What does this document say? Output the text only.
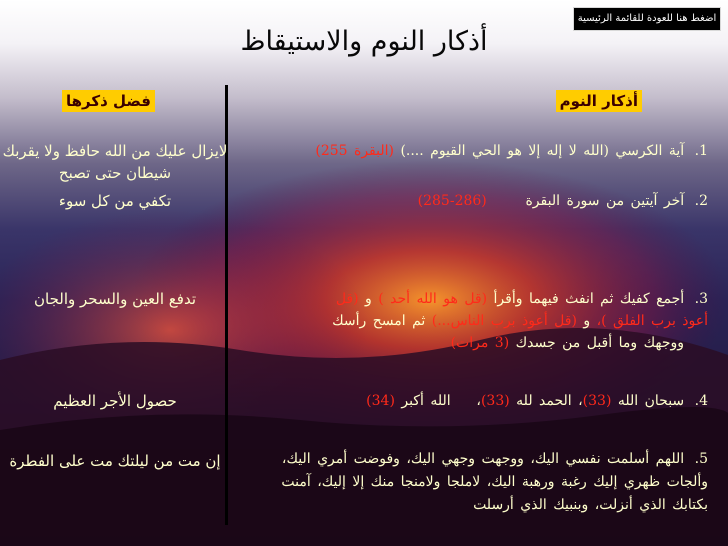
اضغط هنا للعودة للقائمة الرئيسية
أذكار النوم والاستيقاظ
أذكار النوم
فضل ذكرها
1. آية الكرسي (الله لا إله إلا هو الحي القيوم ....) (البقرة 255)
لايزال عليك من الله حافظ ولا يقربك شيطان حتى تصبح
2. آخر آيتين من سورة البقرة      (286-285)
تكفي من كل سوء
3. أجمع كفيك ثم انفث فيهما وأقرأ (قل هو الله أحد ) و (قل
أعوذ برب الفلق )، و (قل أعوذ برب الناس...) ثم امسح رأسك
ووجهك وما أقبل من جسدك (3 مرات)
تدفع العين والسحر والجان
4. سبحان الله (33)، الحمد لله (33)،    الله أكبر (34)
حصول الأجر العظيم
5. اللهم أسلمت نفسي اليك، ووجهت وجهي اليك، وفوضت أمري اليك، وألجات ظهري إليك رغبة ورهبة اليك، لاملجا ولامنجا منك إلا إليك، آمنت بكتابك الذي أنزلت، وبنبيك الذي أرسلت
إن مت من ليلتك مت على الفطرة
